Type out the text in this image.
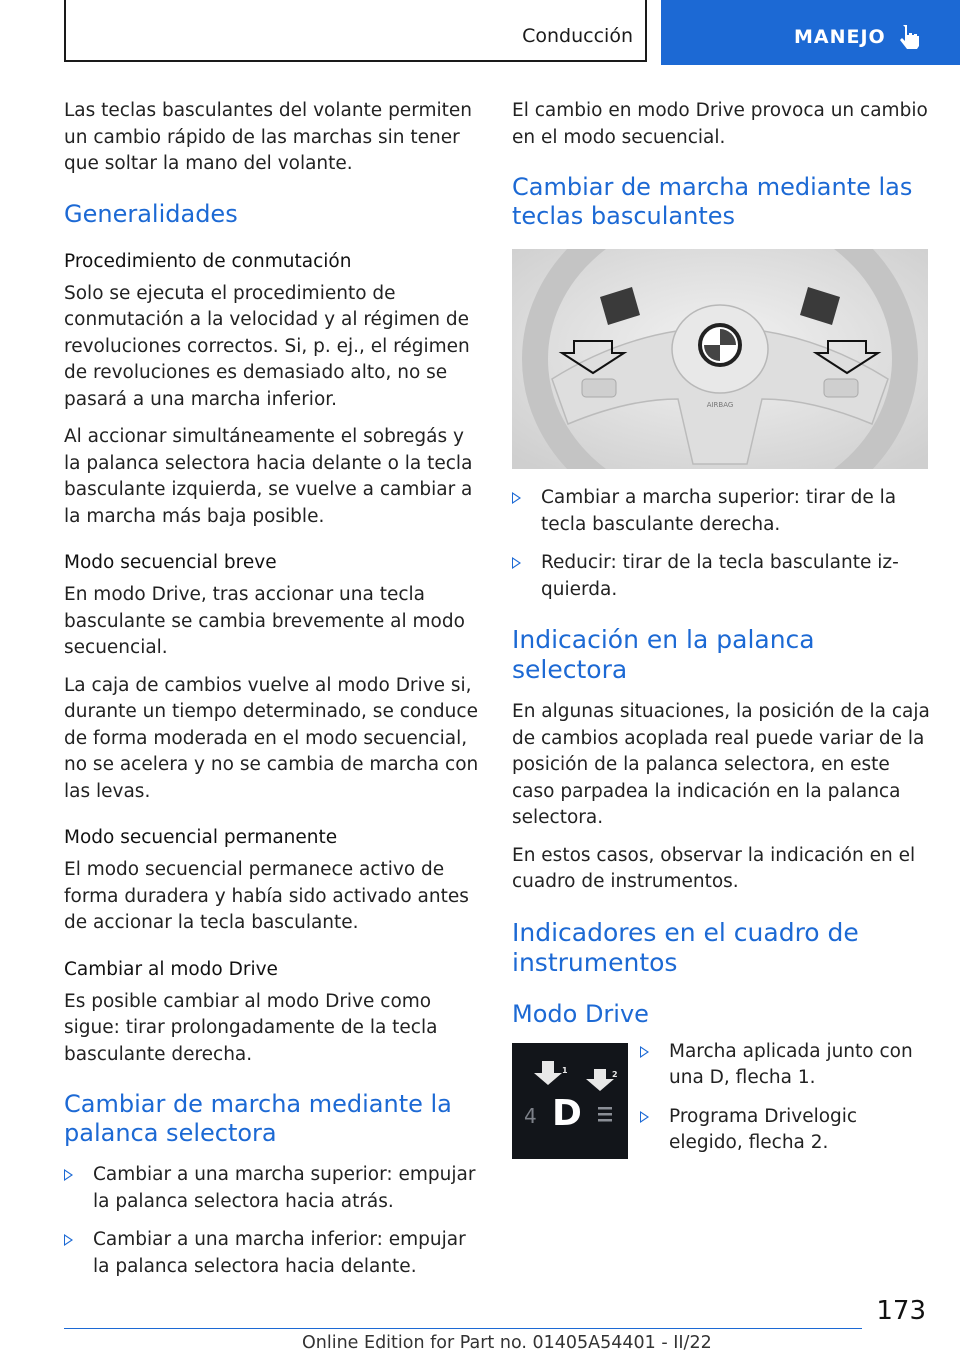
Conducción	MANEJO

Las teclas basculantes del volante permiten un cambio rápido de las marchas sin tener que soltar la mano del volante.

Generalidades
Procedimiento de conmutación

Solo se ejecuta el procedimiento de conmutación a la velocidad y al régimen de revoluciones correctos. Si, p. ej., el régimen de revoluciones es demasiado alto, no se pasará a una marcha inferior.

Al accionar simultáneamente el sobregás y la palanca selectora hacia delante o la tecla basculante izquierda, se vuelve a cambiar a la marcha más baja posible.

Modo secuencial breve

En modo Drive, tras accionar una tecla basculante se cambia brevemente al modo secuencial.

La caja de cambios vuelve al modo Drive si, durante un tiempo determinado, se conduce de forma moderada en el modo secuencial, no se acelera y no se cambia de marcha con las levas.

Modo secuencial permanente

El modo secuencial permanece activo de forma duradera y había sido activado antes de accionar la tecla basculante.

Cambiar al modo Drive

Es posible cambiar al modo Drive como sigue: tirar prolongadamente de la tecla basculante derecha.

Cambiar de marcha mediante la palanca selectora
Cambiar a una marcha superior: empujar la palanca selectora hacia atrás.
Cambiar a una marcha inferior: empujar la palanca selectora hacia delante.

El cambio en modo Drive provoca un cambio en el modo secuencial.

Cambiar de marcha mediante las teclas basculantes
AIRBAG
Cambiar a marcha superior: tirar de la tecla basculante derecha.
Reducir: tirar de la tecla basculante izquierda.
Indicación en la palanca selectora

En algunas situaciones, la posición de la caja de cambios acoplada real puede variar de la posición de la palanca selectora, en este caso parpadea la indicación en la palanca selectora.

En estos casos, observar la indicación en el cuadro de instrumentos.

Indicadores en el cuadro de instrumentos
Modo Drive
1	2
4 D
Marcha aplicada junto con una D, flecha 1.
Programa Drivelogic elegido, flecha 2.
173
Online Edition for Part no. 01405A54401 - II/22
